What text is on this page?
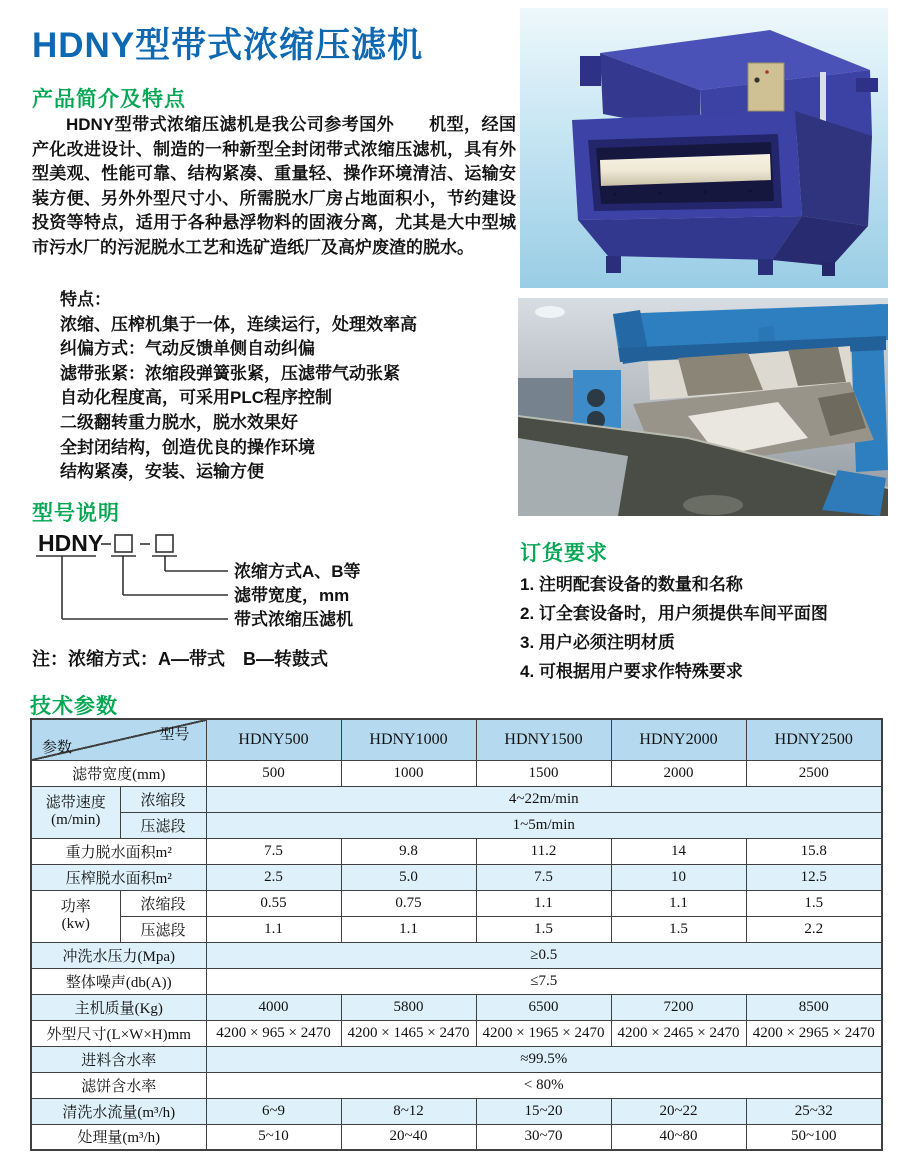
HDNY型带式浓缩压滤机
产品简介及特点
HDNY型带式浓缩压滤机是我公司参考国外　　机型，经国产化改进设计、制造的一种新型全封闭带式浓缩压滤机，具有外型美观、性能可靠、结构紧凑、重量轻、操作环境清洁、运输安装方便、另外外型尺寸小、所需脱水厂房占地面积小，节约建设投资等特点，适用于各种悬浮物料的固液分离，尤其是大中型城市污水厂的污泥脱水工艺和选矿造纸厂及高炉废渣的脱水。
特点：
浓缩、压榨机集于一体，连续运行，处理效率高
纠偏方式：气动反馈单侧自动纠偏
滤带张紧：浓缩段弹簧张紧，压滤带气动张紧
自动化程度高，可采用PLC程序控制
二级翻转重力脱水，脱水效果好
全封闭结构，创造优良的操作环境
结构紧凑，安装、运输方便
型号说明
HDNY
浓缩方式A、B等
滤带宽度，mm
带式浓缩压滤机
注：浓缩方式：A—带式　B—转鼓式
订货要求
1. 注明配套设备的数量和名称
2. 订全套设备时，用户须提供车间平面图
3. 用户必须注明材质
4. 可根据用户要求作特殊要求
技术参数
型号
参数		HDNY500	HDNY1000	HDNY1500	HDNY2000	HDNY2500
滤带宽度(mm)		500	1000	1500	2000	2500

滤带速度
(m/min)	浓缩段	4~22m/min				
	压滤段	1~5m/min				
重力脱水面积m²		7.5	9.8	11.2	14	15.8
压榨脱水面积m²		2.5	5.0	7.5	10	12.5

功率
(kw)	浓缩段	0.55	0.75	1.1	1.1	1.5
	压滤段	1.1	1.1	1.5	1.5	2.2
冲洗水压力(Mpa)		≥0.5				
整体噪声(db(A))		≤7.5				
主机质量(Kg)		4000	5800	6500	7200	8500
外型尺寸(L×W×H)mm		4200 × 965 × 2470	4200 × 1465 × 2470	4200 × 1965 × 2470	4200 × 2465 × 2470	4200 × 2965 × 2470
进料含水率		≈99.5%				
滤饼含水率		< 80%				
清洗水流量(m³/h)		6~9	8~12	15~20	20~22	25~32
处理量(m³/h)		5~10	20~40	30~70	40~80	50~100
